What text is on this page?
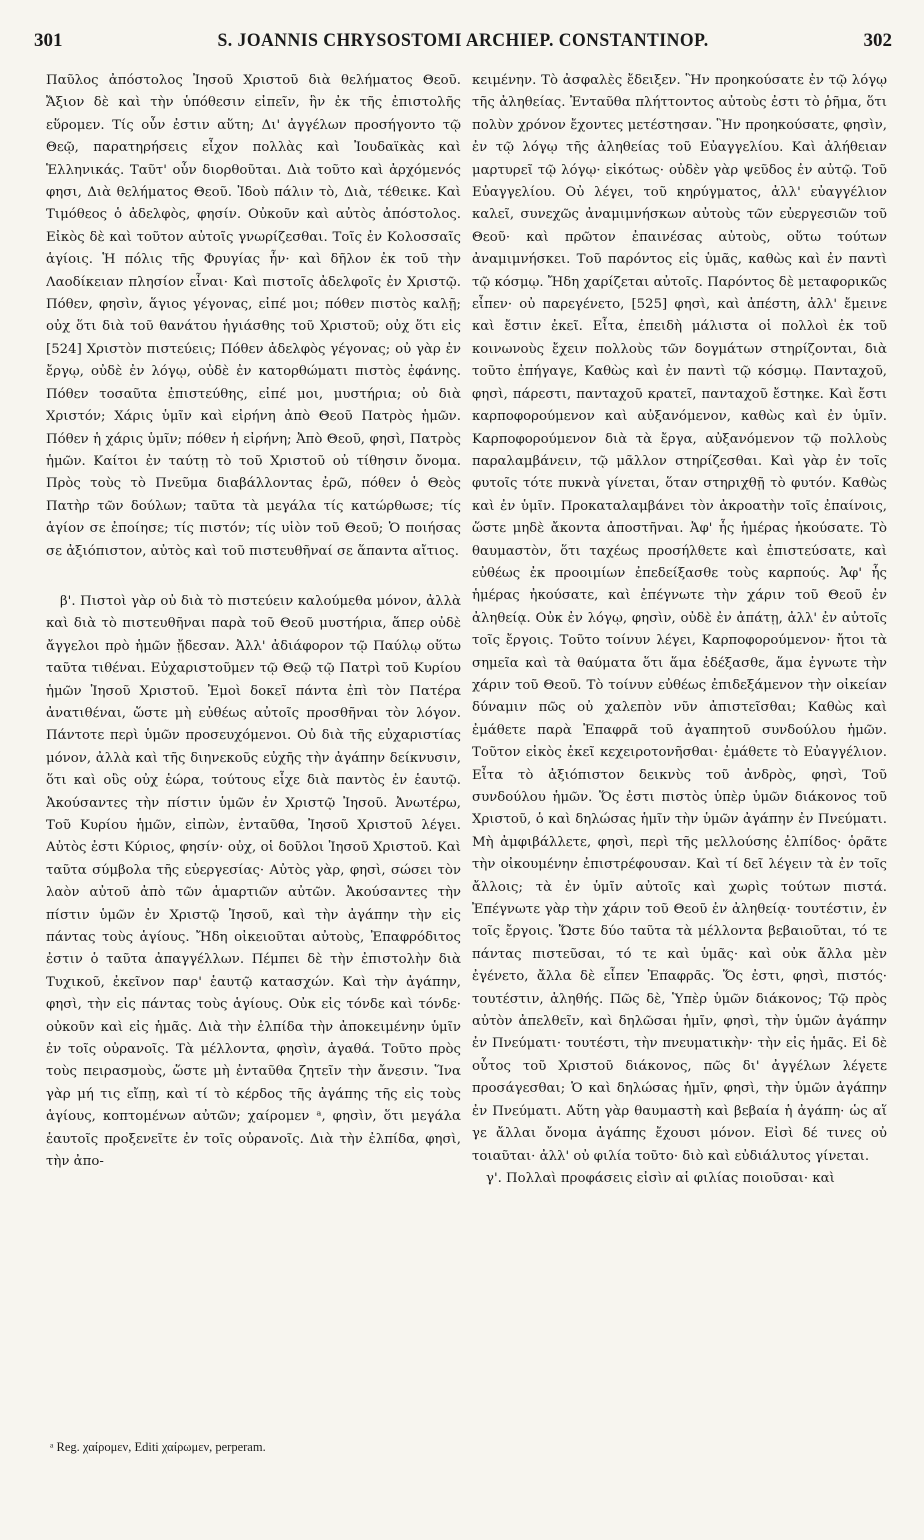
301	S. JOANNIS CHRYSOSTOMI ARCHIEP. CONSTANTINOP.	302

Παῦλος ἀπόστολος Ἰησοῦ Χριστοῦ διὰ θελήματος Θεοῦ. Ἄξιον δὲ καὶ τὴν ὑπόθεσιν εἰπεῖν, ἣν ἐκ τῆς ἐπιστολῆς εὕρομεν. Τίς οὖν ἐστιν αὕτη; Δι' ἀγγέλων προσήγοντο τῷ Θεῷ, παρατηρήσεις εἶχον πολλὰς καὶ Ἰουδαϊκὰς καὶ Ἑλληνικάς. Ταῦτ' οὖν διορθοῦται. Διὰ τοῦτο καὶ ἀρχόμενός φησι, Διὰ θελήματος Θεοῦ. Ἰδοὺ πάλιν τὸ, Διὰ, τέθεικε. Καὶ Τιμόθεος ὁ ἀδελφὸς, φησίν. Οὐκοῦν καὶ αὐτὸς ἀπόστολος. Εἰκὸς δὲ καὶ τοῦτον αὐτοῖς γνωρίζεσθαι. Τοῖς ἐν Κολοσσαῖς ἁγίοις. Ἡ πόλις τῆς Φρυγίας ἦν· καὶ δῆλον ἐκ τοῦ τὴν Λαοδίκειαν πλησίον εἶναι· Καὶ πιστοῖς ἀδελφοῖς ἐν Χριστῷ. Πόθεν, φησὶν, ἅγιος γέγονας, εἰπέ μοι; πόθεν πιστὸς καλῇ; οὐχ ὅτι διὰ τοῦ θανάτου ἡγιάσθης τοῦ Χριστοῦ; οὐχ ὅτι εἰς [524] Χριστὸν πιστεύεις; Πόθεν ἀδελφὸς γέγονας; οὐ γὰρ ἐν ἔργῳ, οὐδὲ ἐν λόγῳ, οὐδὲ ἐν κατορθώματι πιστὸς ἐφάνης. Πόθεν τοσαῦτα ἐπιστεύθης, εἰπέ μοι, μυστήρια; οὐ διὰ Χριστόν; Χάρις ὑμῖν καὶ εἰρήνη ἀπὸ Θεοῦ Πατρὸς ἡμῶν. Πόθεν ἡ χάρις ὑμῖν; πόθεν ἡ εἰρήνη; Ἀπὸ Θεοῦ, φησὶ, Πατρὸς ἡμῶν. Καίτοι ἐν ταύτῃ τὸ τοῦ Χριστοῦ οὐ τίθησιν ὄνομα. Πρὸς τοὺς τὸ Πνεῦμα διαβάλλοντας ἐρῶ, πόθεν ὁ Θεὸς Πατὴρ τῶν δούλων; ταῦτα τὰ μεγάλα τίς κατώρθωσε; τίς ἁγίον σε ἐποίησε; τίς πιστόν; τίς υἱὸν τοῦ Θεοῦ; Ὁ ποιήσας σε ἀξιόπιστον, αὐτὸς καὶ τοῦ πιστευθῆναί σε ἅπαντα αἴτιος.

β'. Πιστοὶ γὰρ οὐ διὰ τὸ πιστεύειν καλούμεθα μόνον, ἀλλὰ καὶ διὰ τὸ πιστευθῆναι παρὰ τοῦ Θεοῦ μυστήρια, ἅπερ οὐδὲ ἄγγελοι πρὸ ἡμῶν ᾔδεσαν. Ἀλλ' ἀδιάφορον τῷ Παύλῳ οὕτω ταῦτα τιθέναι. Εὐχαριστοῦμεν τῷ Θεῷ τῷ Πατρὶ τοῦ Κυρίου ἡμῶν Ἰησοῦ Χριστοῦ. Ἐμοὶ δοκεῖ πάντα ἐπὶ τὸν Πατέρα ἀνατιθέναι, ὥστε μὴ εὐθέως αὐτοῖς προσθῆναι τὸν λόγον. Πάντοτε περὶ ὑμῶν προσευχόμενοι. Οὐ διὰ τῆς εὐχαριστίας μόνον, ἀλλὰ καὶ τῆς διηνεκοῦς εὐχῆς τὴν ἀγάπην δείκνυσιν, ὅτι καὶ οὓς οὐχ ἑώρα, τούτους εἶχε διὰ παντὸς ἐν ἑαυτῷ. Ἀκούσαντες τὴν πίστιν ὑμῶν ἐν Χριστῷ Ἰησοῦ. Ἀνωτέρω, Τοῦ Κυρίου ἡμῶν, εἰπὼν, ἐνταῦθα, Ἰησοῦ Χριστοῦ λέγει. Αὐτὸς ἐστι Κύριος, φησίν· οὐχ, οἱ δοῦλοι Ἰησοῦ Χριστοῦ. Καὶ ταῦτα σύμβολα τῆς εὐεργεσίας· Αὐτὸς γὰρ, φησὶ, σώσει τὸν λαὸν αὐτοῦ ἀπὸ τῶν ἁμαρτιῶν αὐτῶν. Ἀκούσαντες τὴν πίστιν ὑμῶν ἐν Χριστῷ Ἰησοῦ, καὶ τὴν ἀγάπην τὴν εἰς πάντας τοὺς ἁγίους. Ἤδη οἰκειοῦται αὐτοὺς, Ἐπαφρόδιτος ἐστιν ὁ ταῦτα ἀπαγγέλλων. Πέμπει δὲ τὴν ἐπιστολὴν διὰ Τυχικοῦ, ἐκεῖνον παρ' ἑαυτῷ κατασχών. Καὶ τὴν ἀγάπην, φησὶ, τὴν εἰς πάντας τοὺς ἁγίους. Οὐκ εἰς τόνδε καὶ τόνδε· οὐκοῦν καὶ εἰς ἡμᾶς. Διὰ τὴν ἐλπίδα τὴν ἀποκειμένην ὑμῖν ἐν τοῖς οὐρανοῖς. Τὰ μέλλοντα, φησὶν, ἀγαθά. Τοῦτο πρὸς τοὺς πειρασμοὺς, ὥστε μὴ ἐνταῦθα ζητεῖν τὴν ἄνεσιν. Ἵνα γὰρ μή τις εἴπῃ, καὶ τί τὸ κέρδος τῆς ἀγάπης τῆς εἰς τοὺς ἁγίους, κοπτομένων αὐτῶν; χαίρομεν ᵃ, φησὶν, ὅτι μεγάλα ἑαυτοῖς προξενεῖτε ἐν τοῖς οὐρανοῖς. Διὰ τὴν ἐλπίδα, φησὶ, τὴν ἀπο-

κειμένην. Τὸ ἀσφαλὲς ἔδειξεν. Ἣν προηκούσατε ἐν τῷ λόγῳ τῆς ἀληθείας. Ἐνταῦθα πλήττοντος αὐτοὺς ἐστι τὸ ῥῆμα, ὅτι πολὺν χρόνον ἔχοντες μετέστησαν. Ἣν προηκούσατε, φησὶν, ἐν τῷ λόγῳ τῆς ἀληθείας τοῦ Εὐαγγελίου. Καὶ ἀλήθειαν μαρτυρεῖ τῷ λόγῳ· εἰκότως· οὐδὲν γὰρ ψεῦδος ἐν αὐτῷ. Τοῦ Εὐαγγελίου. Οὐ λέγει, τοῦ κηρύγματος, ἀλλ' εὐαγγέλιον καλεῖ, συνεχῶς ἀναμιμνήσκων αὐτοὺς τῶν εὐεργεσιῶν τοῦ Θεοῦ· καὶ πρῶτον ἐπαινέσας αὐτοὺς, οὕτω τούτων ἀναμιμνήσκει. Τοῦ παρόντος εἰς ὑμᾶς, καθὼς καὶ ἐν παντὶ τῷ κόσμῳ. Ἤδη χαρίζεται αὐτοῖς. Παρόντος δὲ μεταφορικῶς εἶπεν· οὐ παρεγένετο, [525] φησὶ, καὶ ἀπέστη, ἀλλ' ἔμεινε καὶ ἔστιν ἐκεῖ. Εἶτα, ἐπειδὴ μάλιστα οἱ πολλοὶ ἐκ τοῦ κοινωνοὺς ἔχειν πολλοὺς τῶν δογμάτων στηρίζονται, διὰ τοῦτο ἐπήγαγε, Καθὼς καὶ ἐν παντὶ τῷ κόσμῳ. Πανταχοῦ, φησὶ, πάρεστι, πανταχοῦ κρατεῖ, πανταχοῦ ἔστηκε. Καὶ ἔστι καρποφορούμενον καὶ αὐξανόμενον, καθὼς καὶ ἐν ὑμῖν. Καρποφορούμενον διὰ τὰ ἔργα, αὐξανόμενον τῷ πολλοὺς παραλαμβάνειν, τῷ μᾶλλον στηρίζεσθαι. Καὶ γὰρ ἐν τοῖς φυτοῖς τότε πυκνὰ γίνεται, ὅταν στηριχθῇ τὸ φυτόν. Καθὼς καὶ ἐν ὑμῖν. Προκαταλαμβάνει τὸν ἀκροατὴν τοῖς ἐπαίνοις, ὥστε μηδὲ ἄκοντα ἀποστῆναι. Ἀφ' ἧς ἡμέρας ἠκούσατε. Τὸ θαυμαστὸν, ὅτι ταχέως προσήλθετε καὶ ἐπιστεύσατε, καὶ εὐθέως ἐκ προοιμίων ἐπεδείξασθε τοὺς καρπούς. Ἀφ' ἧς ἡμέρας ἠκούσατε, καὶ ἐπέγνωτε τὴν χάριν τοῦ Θεοῦ ἐν ἀληθείᾳ. Οὐκ ἐν λόγῳ, φησὶν, οὐδὲ ἐν ἀπάτῃ, ἀλλ' ἐν αὐτοῖς τοῖς ἔργοις. Τοῦτο τοίνυν λέγει, Καρποφορούμενον· ἤτοι τὰ σημεῖα καὶ τὰ θαύματα ὅτι ἅμα ἐδέξασθε, ἅμα ἐγνωτε τὴν χάριν τοῦ Θεοῦ. Τὸ τοίνυν εὐθέως ἐπιδεξάμενον τὴν οἰκείαν δύναμιν πῶς οὐ χαλεπὸν νῦν ἀπιστεῖσθαι; Καθὼς καὶ ἐμάθετε παρὰ Ἐπαφρᾶ τοῦ ἀγαπητοῦ συνδούλου ἡμῶν. Τοῦτον εἰκὸς ἐκεῖ κεχειροτονῆσθαι· ἐμάθετε τὸ Εὐαγγέλιον. Εἶτα τὸ ἀξιόπιστον δεικνὺς τοῦ ἀνδρὸς, φησὶ, Τοῦ συνδούλου ἡμῶν. Ὅς ἐστι πιστὸς ὑπὲρ ὑμῶν διάκονος τοῦ Χριστοῦ, ὁ καὶ δηλώσας ἡμῖν τὴν ὑμῶν ἀγάπην ἐν Πνεύματι. Μὴ ἀμφιβάλλετε, φησὶ, περὶ τῆς μελλούσης ἐλπίδος· ὁρᾶτε τὴν οἰκουμένην ἐπιστρέφουσαν. Καὶ τί δεῖ λέγειν τὰ ἐν τοῖς ἄλλοις; τὰ ἐν ὑμῖν αὐτοῖς καὶ χωρὶς τούτων πιστά. Ἐπέγνωτε γὰρ τὴν χάριν τοῦ Θεοῦ ἐν ἀληθείᾳ· τουτέστιν, ἐν τοῖς ἔργοις. Ὥστε δύο ταῦτα τὰ μέλλοντα βεβαιοῦται, τό τε πάντας πιστεῦσαι, τό τε καὶ ὑμᾶς· καὶ οὐκ ἄλλα μὲν ἐγένετο, ἄλλα δὲ εἶπεν Ἐπαφρᾶς. Ὅς ἐστι, φησὶ, πιστός· τουτέστιν, ἀληθής. Πῶς δὲ, Ὑπὲρ ὑμῶν διάκονος; Τῷ πρὸς αὐτὸν ἀπελθεῖν, καὶ δηλῶσαι ἡμῖν, φησὶ, τὴν ὑμῶν ἀγάπην ἐν Πνεύματι· τουτέστι, τὴν πνευματικὴν· τὴν εἰς ἡμᾶς. Εἰ δὲ οὗτος τοῦ Χριστοῦ διάκονος, πῶς δι' ἀγγέλων λέγετε προσάγεσθαι; Ὁ καὶ δηλώσας ἡμῖν, φησὶ, τὴν ὑμῶν ἀγάπην ἐν Πνεύματι. Αὕτη γὰρ θαυμαστὴ καὶ βεβαία ἡ ἀγάπη· ὡς αἵ γε ἄλλαι ὄνομα ἀγάπης ἔχουσι μόνον. Εἰσὶ δέ τινες οὐ τοιαῦται· ἀλλ' οὐ φιλία τοῦτο· διὸ καὶ εὐδιάλυτος γίνεται.

γ'. Πολλαὶ προφάσεις εἰσὶν αἱ φιλίας ποιοῦσαι· καὶ

ᵃ Reg. χαίρομεν, Editi χαίρωμεν, perperam.
